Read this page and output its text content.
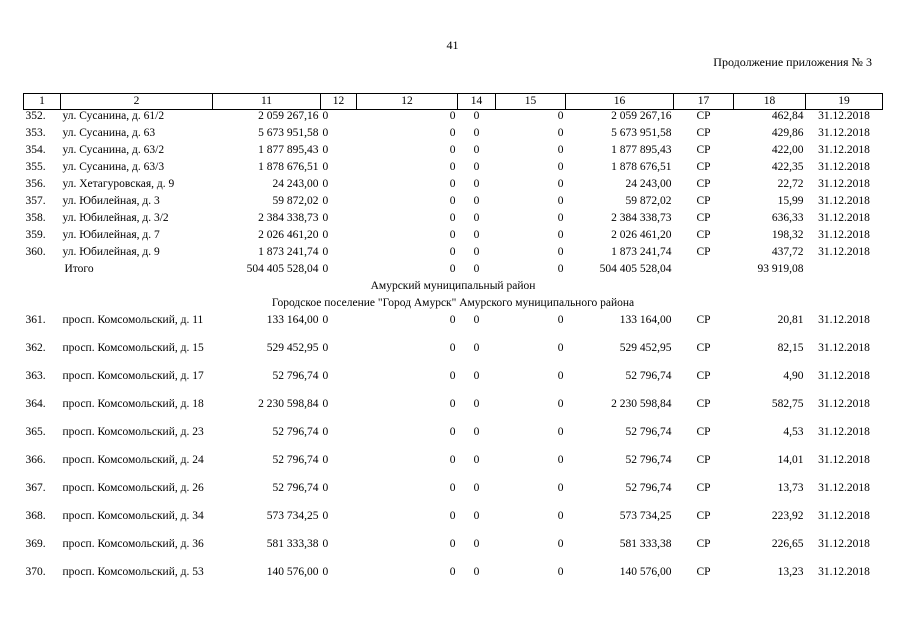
41
Продолжение приложения № 3
1	2	11	12	12	14	15	16	17	18	19
352.	ул. Сусанина, д. 61/2	2 059 267,16	0	0	0	0	2 059 267,16	СР	462,84	31.12.2018
353.	ул. Сусанина, д. 63	5 673 951,58	0	0	0	0	5 673 951,58	СР	429,86	31.12.2018
354.	ул. Сусанина, д. 63/2	1 877 895,43	0	0	0	0	1 877 895,43	СР	422,00	31.12.2018
355.	ул. Сусанина, д. 63/3	1 878 676,51	0	0	0	0	1 878 676,51	СР	422,35	31.12.2018
356.	ул. Хетагуровская, д. 9	24 243,00	0	0	0	0	24 243,00	СР	22,72	31.12.2018
357.	ул. Юбилейная, д. 3	59 872,02	0	0	0	0	59 872,02	СР	15,99	31.12.2018
358.	ул. Юбилейная, д. 3/2	2 384 338,73	0	0	0	0	2 384 338,73	СР	636,33	31.12.2018
359.	ул. Юбилейная, д. 7	2 026 461,20	0	0	0	0	2 026 461,20	СР	198,32	31.12.2018
360.	ул. Юбилейная, д. 9	1 873 241,74	0	0	0	0	1 873 241,74	СР	437,72	31.12.2018
	Итого	504 405 528,04	0	0	0	0	504 405 528,04		93 919,08	
Амурский муниципальный район										
Городское поселение "Город Амурск" Амурского муниципального района										
361.	просп. Комсомольский, д. 11	133 164,00	0	0	0	0	133 164,00	СР	20,81	31.12.2018
362.	просп. Комсомольский, д. 15	529 452,95	0	0	0	0	529 452,95	СР	82,15	31.12.2018
363.	просп. Комсомольский, д. 17	52 796,74	0	0	0	0	52 796,74	СР	4,90	31.12.2018
364.	просп. Комсомольский, д. 18	2 230 598,84	0	0	0	0	2 230 598,84	СР	582,75	31.12.2018
365.	просп. Комсомольский, д. 23	52 796,74	0	0	0	0	52 796,74	СР	4,53	31.12.2018
366.	просп. Комсомольский, д. 24	52 796,74	0	0	0	0	52 796,74	СР	14,01	31.12.2018
367.	просп. Комсомольский, д. 26	52 796,74	0	0	0	0	52 796,74	СР	13,73	31.12.2018
368.	просп. Комсомольский, д. 34	573 734,25	0	0	0	0	573 734,25	СР	223,92	31.12.2018
369.	просп. Комсомольский, д. 36	581 333,38	0	0	0	0	581 333,38	СР	226,65	31.12.2018
370.	просп. Комсомольский, д. 53	140 576,00	0	0	0	0	140 576,00	СР	13,23	31.12.2018
